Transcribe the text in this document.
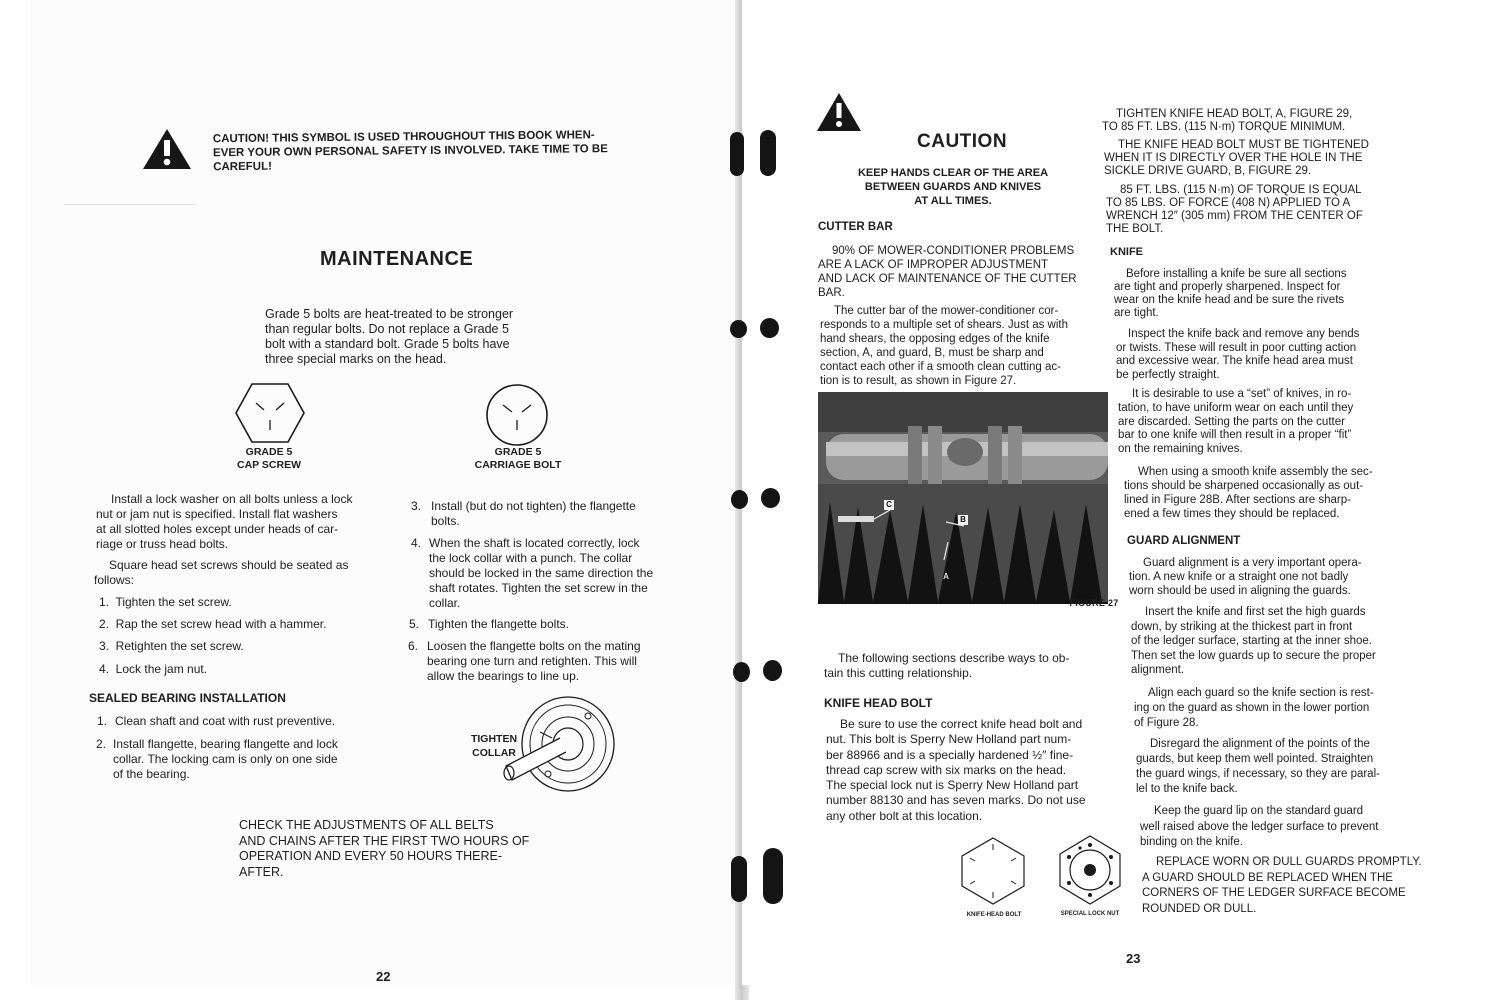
CAUTION! THIS SYMBOL IS USED THROUGHOUT THIS BOOK WHEN-
EVER YOUR OWN PERSONAL SAFETY IS INVOLVED. TAKE TIME TO BE
CAREFUL!

MAINTENANCE

Grade 5 bolts are heat-treated to be stronger
than regular bolts. Do not replace a Grade 5
bolt with a standard bolt. Grade 5 bolts have
three special marks on the head.

GRADE 5
CAP SCREW

GRADE 5
CARRIAGE BOLT

Install a lock washer on all bolts unless a lock
nut or jam nut is specified. Install flat washers
at all slotted holes except under heads of car-
riage or truss head bolts.

Square head set screws should be seated as
follows:

1.  Tighten the set screw.
2.  Rap the set screw head with a hammer.
3.  Retighten the set screw.
4.  Lock the jam nut.
SEALED BEARING INSTALLATION
1. Clean shaft and coat with rust preventive.
2. Install flangette, bearing flangette and lock
collar. The locking cam is only on one side
of the bearing.

3. Install (but do not tighten) the flangette
bolts.

4. When the shaft is located correctly, lock
the lock collar with a punch. The collar
should be locked in the same direction the
shaft rotates. Tighten the set screw in the
collar.

5. Tighten the flangette bolts.

6. Loosen the flangette bolts on the mating
bearing one turn and retighten. This will
allow the bearings to line up.

TIGHTEN
COLLAR

CHECK THE ADJUSTMENTS OF ALL BELTS
AND CHAINS AFTER THE FIRST TWO HOURS OF
OPERATION AND EVERY 50 HOURS THERE-
AFTER.

22
CAUTION

KEEP HANDS CLEAR OF THE AREA
BETWEEN GUARDS AND KNIVES
AT ALL TIMES.

CUTTER BAR

90% OF MOWER-CONDITIONER PROBLEMS
ARE A LACK OF IMPROPER ADJUSTMENT
AND LACK OF MAINTENANCE OF THE CUTTER
BAR.

The cutter bar of the mower-conditioner cor-
responds to a multiple set of shears. Just as with
hand shears, the opposing edges of the knife
section, A, and guard, B, must be sharp and
contact each other if a smooth clean cutting ac-
tion is to result, as shown in Figure 27.

C
B
A
FIGURE 27

The following sections describe ways to ob-
tain this cutting relationship.

KNIFE HEAD BOLT

Be sure to use the correct knife head bolt and
nut. This bolt is Sperry New Holland part num-
ber 88966 and is a specially hardened ½″ fine-
thread cap screw with six marks on the head.
The special lock nut is Sperry New Holland part
number 88130 and has seven marks. Do not use
any other bolt at this location.

KNIFE-HEAD BOLT	SPECIAL LOCK NUT

TIGHTEN KNIFE HEAD BOLT, A, FIGURE 29,
TO 85 FT. LBS. (115 N·m) TORQUE MINIMUM.

THE KNIFE HEAD BOLT MUST BE TIGHTENED
WHEN IT IS DIRECTLY OVER THE HOLE IN THE
SICKLE DRIVE GUARD, B, FIGURE 29.

85 FT. LBS. (115 N·m) OF TORQUE IS EQUAL
TO 85 LBS. OF FORCE (408 N) APPLIED TO A
WRENCH 12″ (305 mm) FROM THE CENTER OF
THE BOLT.

KNIFE

Before installing a knife be sure all sections
are tight and properly sharpened. Inspect for
wear on the knife head and be sure the rivets
are tight.

Inspect the knife back and remove any bends
or twists. These will result in poor cutting action
and excessive wear. The knife head area must
be perfectly straight.

It is desirable to use a “set” of knives, in ro-
tation, to have uniform wear on each until they
are discarded. Setting the parts on the cutter
bar to one knife will then result in a proper “fit”
on the remaining knives.

When using a smooth knife assembly the sec-
tions should be sharpened occasionally as out-
lined in Figure 28B. After sections are sharp-
ened a few times they should be replaced.

GUARD ALIGNMENT

Guard alignment is a very important opera-
tion. A new knife or a straight one not badly
worn should be used in aligning the guards.

Insert the knife and first set the high guards
down, by striking at the thickest part in front
of the ledger surface, starting at the inner shoe.
Then set the low guards up to secure the proper
alignment.

Align each guard so the knife section is rest-
ing on the guard as shown in the lower portion
of Figure 28.

Disregard the alignment of the points of the
guards, but keep them well pointed. Straighten
the guard wings, if necessary, so they are paral-
lel to the knife back.

Keep the guard lip on the standard guard
well raised above the ledger surface to prevent
binding on the knife.

REPLACE WORN OR DULL GUARDS PROMPTLY.
A GUARD SHOULD BE REPLACED WHEN THE
CORNERS OF THE LEDGER SURFACE BECOME
ROUNDED OR DULL.

23
